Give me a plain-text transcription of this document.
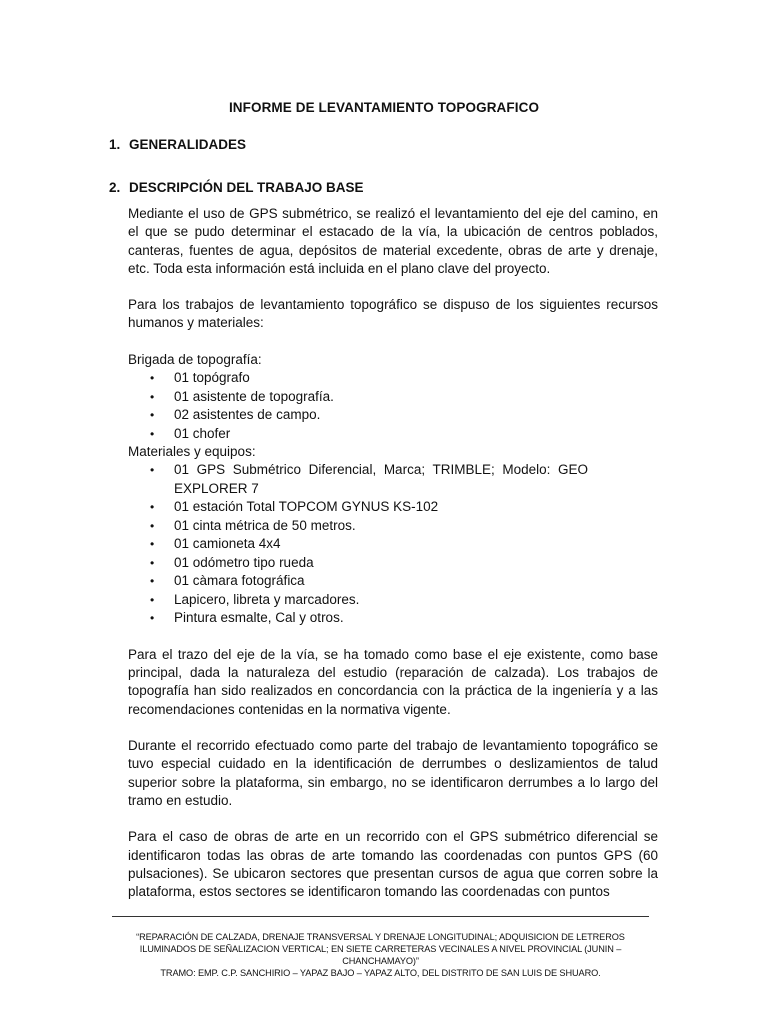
INFORME DE LEVANTAMIENTO TOPOGRAFICO
1. GENERALIDADES
2. DESCRIPCIÓN DEL TRABAJO BASE

Mediante el uso de GPS submétrico, se realizó el levantamiento del eje del camino, en el que se pudo determinar el estacado de la vía, la ubicación de centros poblados, canteras, fuentes de agua, depósitos de material excedente, obras de arte y drenaje, etc. Toda esta información está incluida en el plano clave del proyecto.

Para los trabajos de levantamiento topográfico se dispuso de los siguientes recursos humanos y materiales:

Brigada de topografía:

• 01 topógrafo
• 01 asistente de topografía.
• 02 asistentes de campo.
• 01 chofer

Materiales y equipos:

• 01 GPS Submétrico Diferencial, Marca; TRIMBLE; Modelo: GEO EXPLORER 7
• 01 estación Total TOPCOM GYNUS KS-102
• 01 cinta métrica de 50 metros.
• 01 camioneta 4x4
• 01 odómetro tipo rueda
• 01 càmara fotográfica
• Lapicero, libreta y marcadores.
• Pintura esmalte, Cal y otros.

Para el trazo del eje de la vía, se ha tomado como base el eje existente, como base principal, dada la naturaleza del estudio (reparación de calzada). Los trabajos de topografía han sido realizados en concordancia con la práctica de la ingeniería y a las recomendaciones contenidas en la normativa vigente.

Durante el recorrido efectuado como parte del trabajo de levantamiento topográfico se tuvo especial cuidado en la identificación de derrumbes o deslizamientos de talud superior sobre la plataforma, sin embargo, no se identificaron derrumbes a lo largo del tramo en estudio.

Para el caso de obras de arte en un recorrido con el GPS submétrico diferencial se identificaron todas las obras de arte tomando las coordenadas con puntos GPS (60 pulsaciones). Se ubicaron sectores que presentan cursos de agua que corren sobre la plataforma, estos sectores se identificaron tomando las coordenadas con puntos

“REPARACIÓN DE CALZADA, DRENAJE TRANSVERSAL Y DRENAJE LONGITUDINAL; ADQUISICION DE LETREROS ILUMINADOS DE SEÑALIZACION VERTICAL; EN SIETE CARRETERAS VECINALES A NIVEL PROVINCIAL (JUNIN – CHANCHAMAYO)”
TRAMO: EMP. C.P. SANCHIRIO – YAPAZ BAJO – YAPAZ ALTO, DEL DISTRITO DE SAN LUIS DE SHUARO.
